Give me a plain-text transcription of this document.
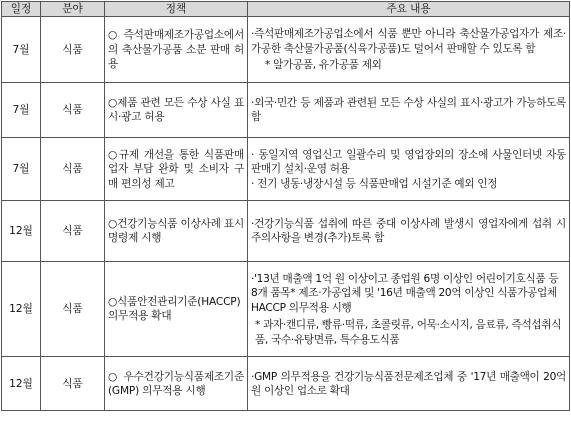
일정	분야	정책	주요 내용
7월	식품	○즉석판매제조가공업소에서의 축산물가공품 소분 판매 허용	·즉석판매제조가공업소에서 식품 뿐만 아니라 축산물가공업자가 제조·가공한 축산물가공품(식육가공품)도 덜어서 판매할 수 있도록 함
* 알가공품, 유가공품 제외

7월	식품	○제품 관련 모든 수상 사실 표시·광고 허용	·외국·민간 등 제품과 관련된 모든 수상 사실의 표시·광고가 가능하도록 함

7월	식품	○규제 개선을 통한 식품판매업자 부담 완화 및 소비자 구매 편의성 제고	· 동일지역 영업신고 일괄수리 및 영업장외의 장소에 사물인터넷 자동판매기 설치·운영 허용
· 전기 냉동·냉장시설 등 식품판매업 시설기준 예외 인정

12월	식품	○건강기능식품 이상사례 표시명령제 시행	·건강기능식품 섭취에 따른 중대 이상사례 발생시 영업자에게 섭취 시 주의사항을 변경(추가)토록 함

12월	식품	○식품안전관리기준(HACCP) 의무적용 확대	·'13년 매출액 1억 원 이상이고 종업원 6명 이상인 어린이기호식품 등 8개 품목* 제조·가공업체 및 '16년 매출액 20억 이상인 식품가공업체 HACCP 의무적용 시행
* 과자·캔디류, 빵류·떡류, 초콜릿류, 어묵·소시지, 음료류, 즉석섭취식품, 국수·유탕면류, 특수용도식품

12월	식품	○우수건강기능식품제조기준(GMP) 의무적용 시행	·GMP 의무적용을 건강기능식품전문제조업체 중 '17년 매출액이 20억원 이상인 업소로 확대
